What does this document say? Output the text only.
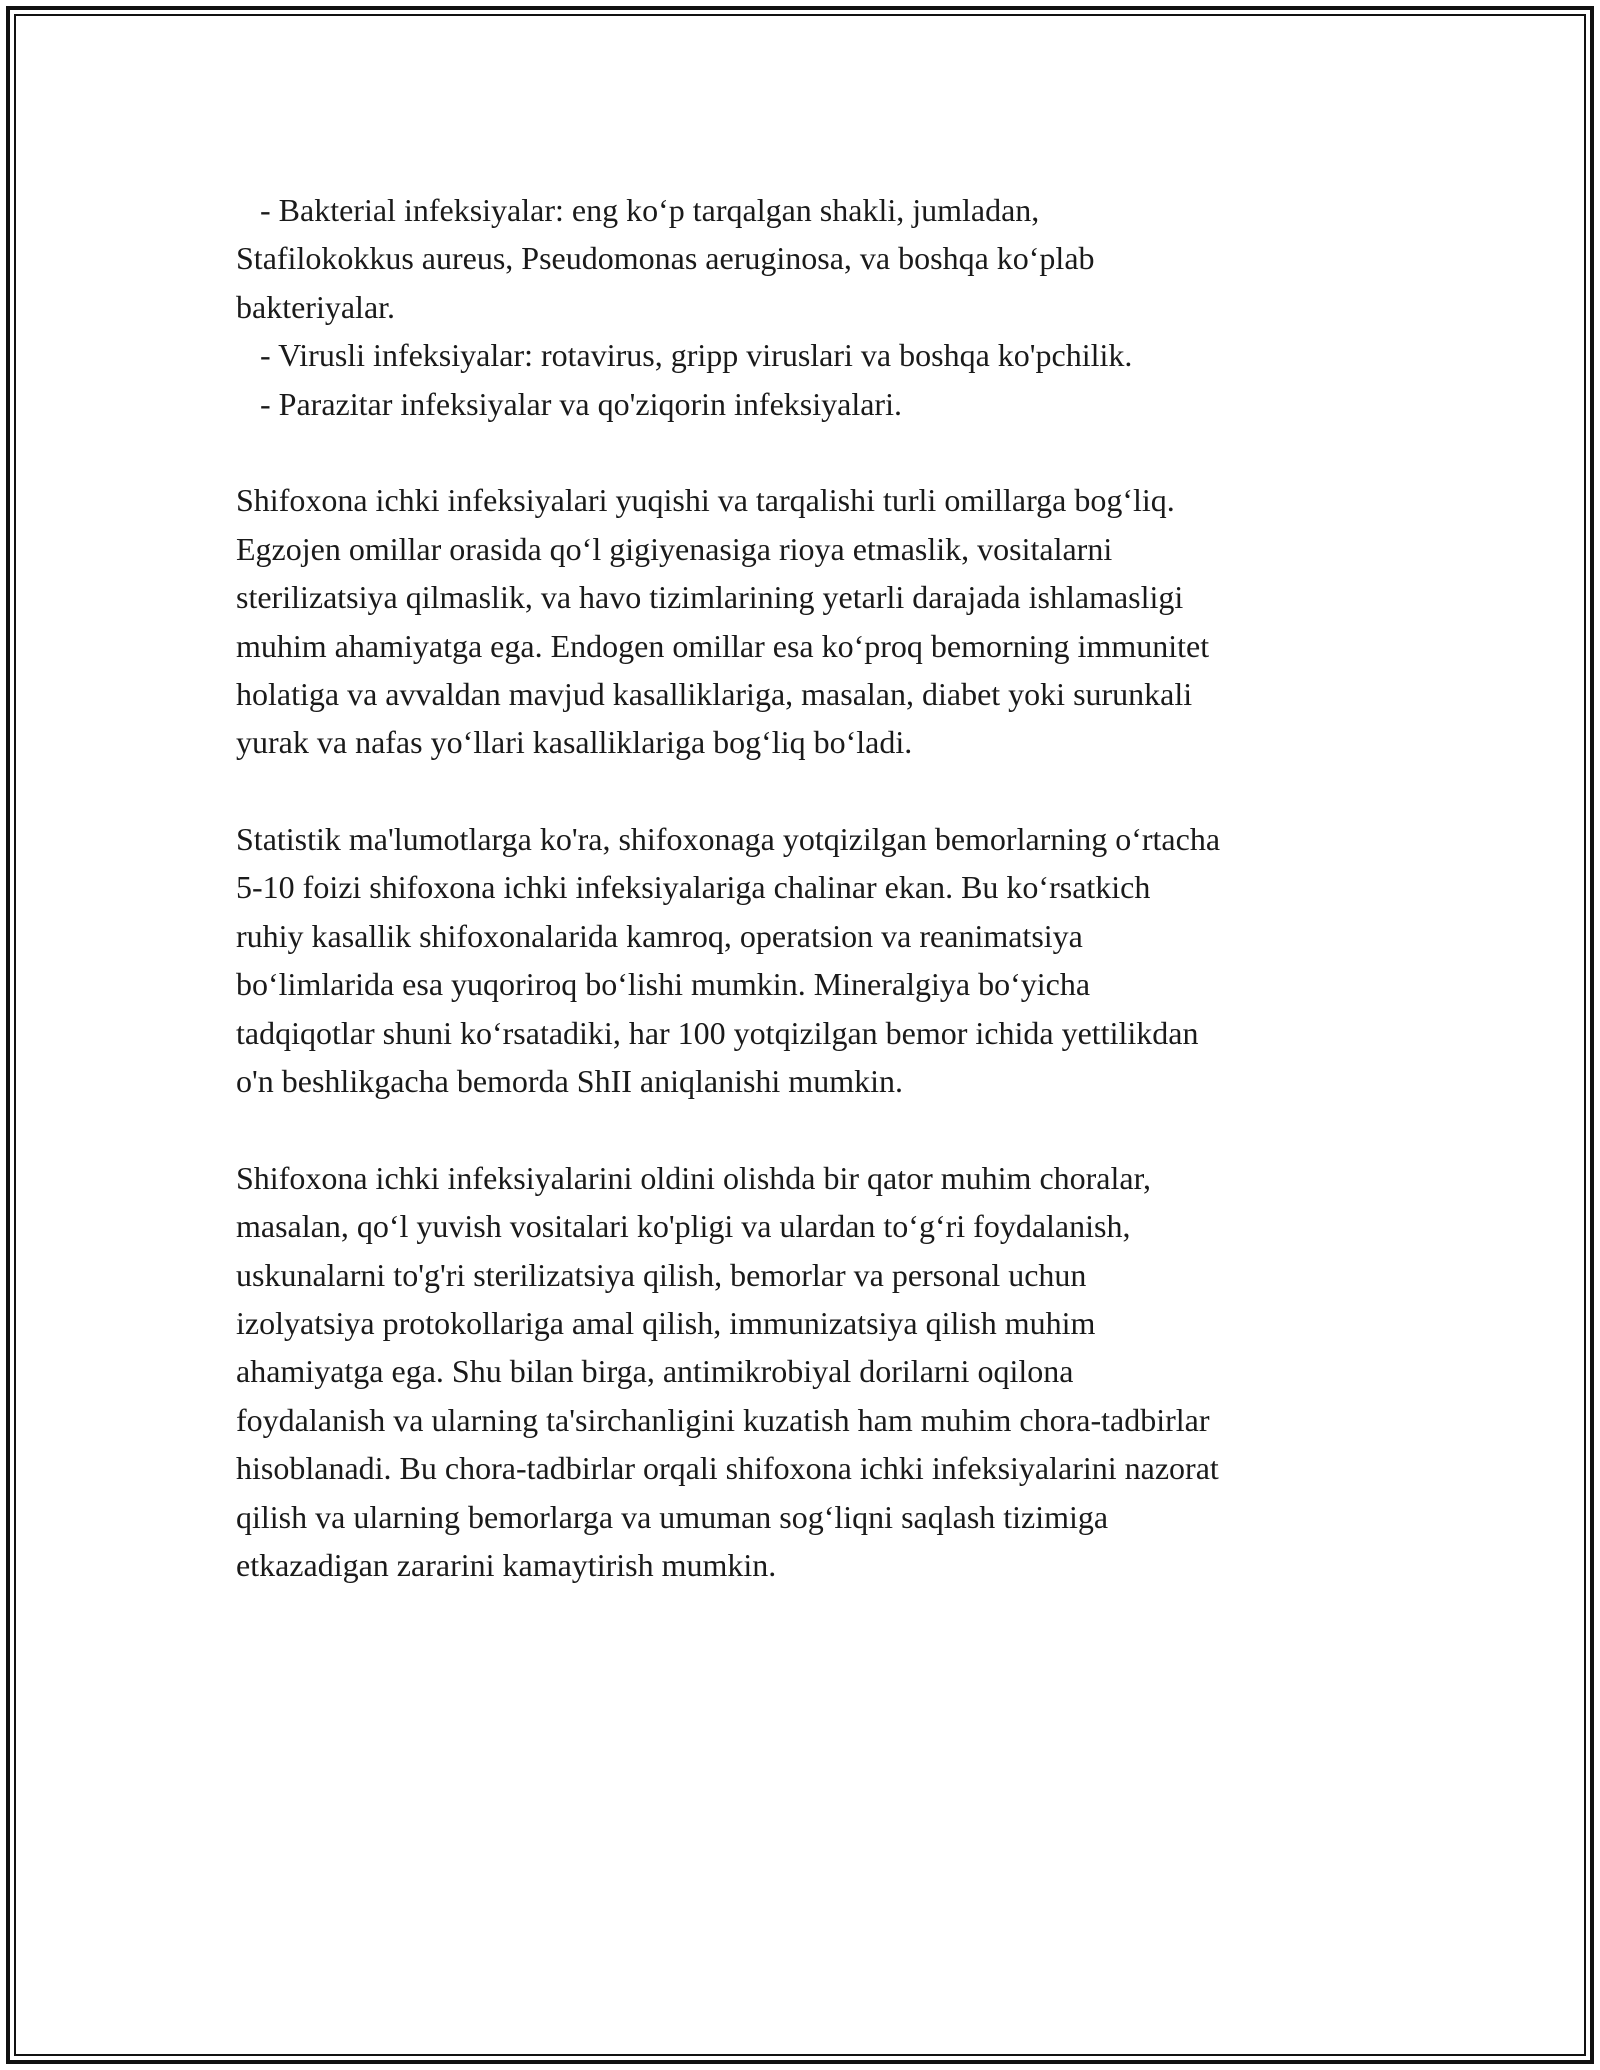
- Bakterial infeksiyalar: eng ko‘p tarqalgan shakli, jumladan,
Stafilokokkus aureus, Pseudomonas aeruginosa, va boshqa ko‘plab
bakteriyalar.
- Virusli infeksiyalar: rotavirus, gripp viruslari va boshqa ko'pchilik.
- Parazitar infeksiyalar va qo'ziqorin infeksiyalari.
Shifoxona ichki infeksiyalari yuqishi va tarqalishi turli omillarga bog‘liq.
Egzojen omillar orasida qo‘l gigiyenasiga rioya etmaslik, vositalarni
sterilizatsiya qilmaslik, va havo tizimlarining yetarli darajada ishlamasligi
muhim ahamiyatga ega. Endogen omillar esa ko‘proq bemorning immunitet
holatiga va avvaldan mavjud kasalliklariga, masalan, diabet yoki surunkali
yurak va nafas yo‘llari kasalliklariga bog‘liq bo‘ladi.
Statistik ma'lumotlarga ko'ra, shifoxonaga yotqizilgan bemorlarning o‘rtacha
5-10 foizi shifoxona ichki infeksiyalariga chalinar ekan. Bu ko‘rsatkich
ruhiy kasallik shifoxonalarida kamroq, operatsion va reanimatsiya
bo‘limlarida esa yuqoriroq bo‘lishi mumkin. Mineralgiya bo‘yicha
tadqiqotlar shuni ko‘rsatadiki, har 100 yotqizilgan bemor ichida yettilikdan
o'n beshlikgacha bemorda ShII aniqlanishi mumkin.
Shifoxona ichki infeksiyalarini oldini olishda bir qator muhim choralar,
masalan, qo‘l yuvish vositalari ko'pligi va ulardan to‘g‘ri foydalanish,
uskunalarni to'g'ri sterilizatsiya qilish, bemorlar va personal uchun
izolyatsiya protokollariga amal qilish, immunizatsiya qilish muhim
ahamiyatga ega. Shu bilan birga, antimikrobiyal dorilarni oqilona
foydalanish va ularning ta'sirchanligini kuzatish ham muhim chora-tadbirlar
hisoblanadi. Bu chora-tadbirlar orqali shifoxona ichki infeksiyalarini nazorat
qilish va ularning bemorlarga va umuman sog‘liqni saqlash tizimiga
etkazadigan zararini kamaytirish mumkin.
